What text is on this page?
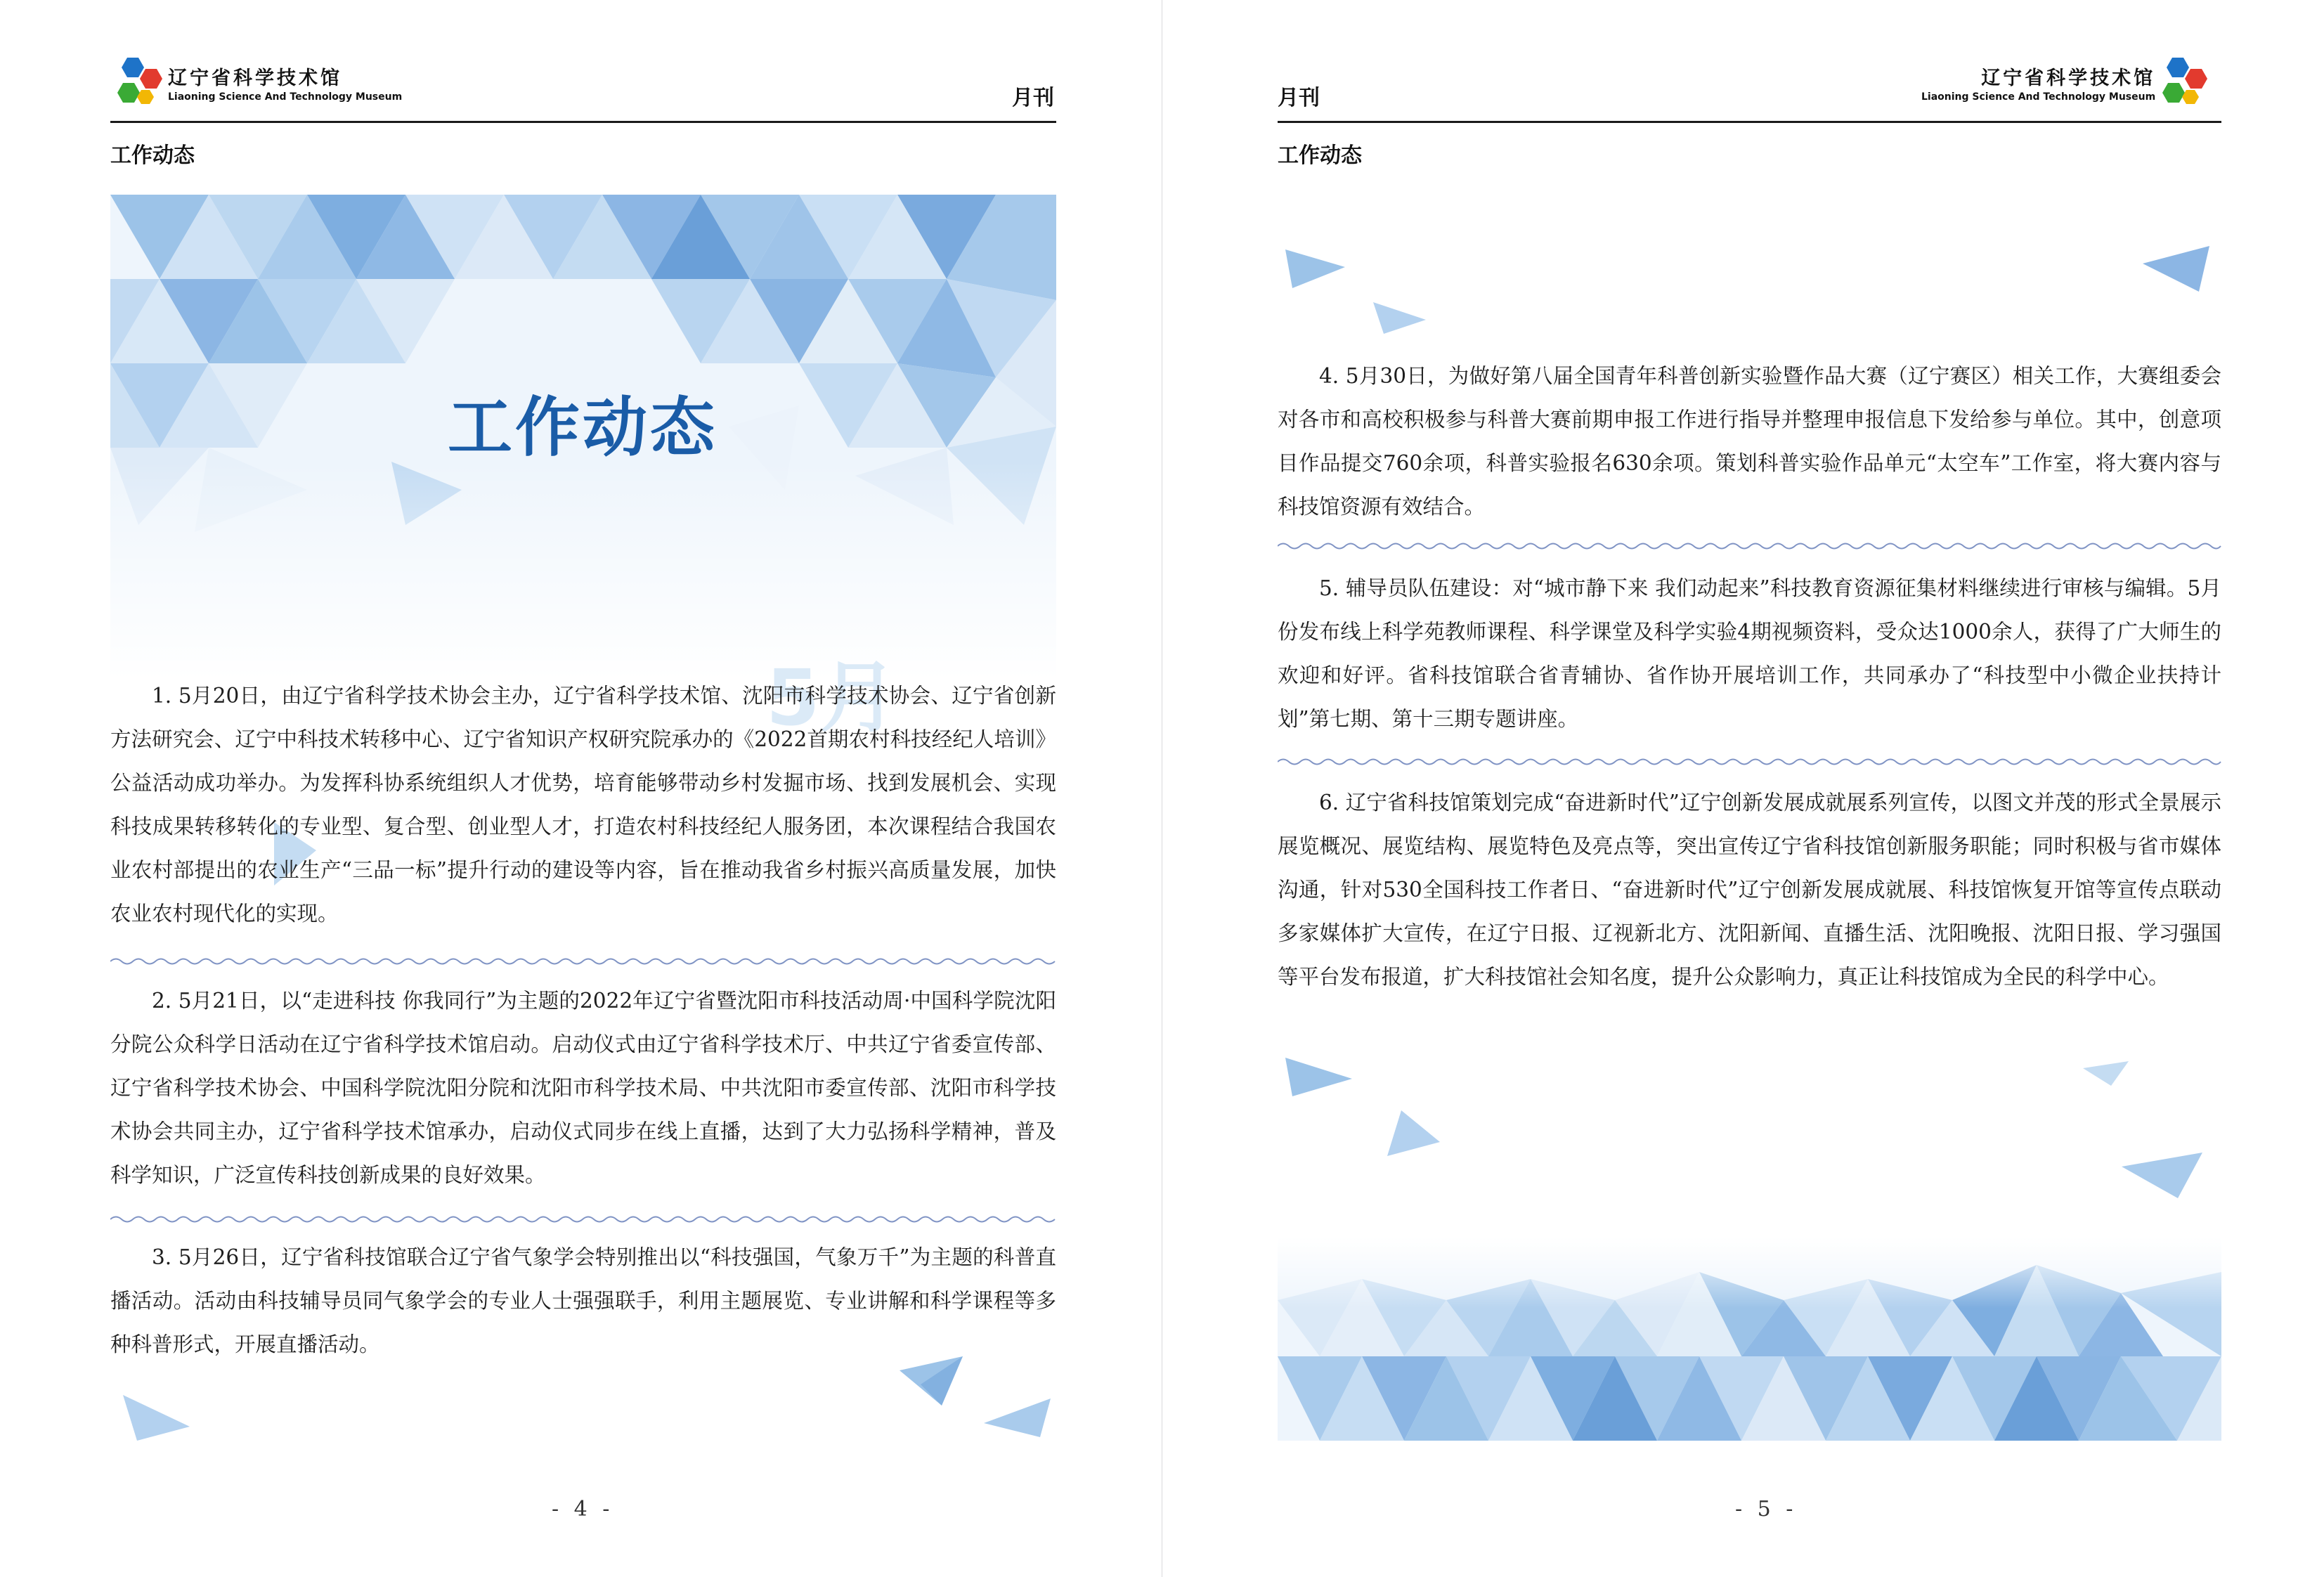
辽宁省科学技术馆
Liaoning Science And Technology Museum	月刊
工作动态
工作动态
5月

1. 5月20日，由辽宁省科学技术协会主办，辽宁省科学技术馆、沈阳市科学技术协会、辽宁省创新方法研究会、辽宁中科技术转移中心、辽宁省知识产权研究院承办的《2022首期农村科技经纪人培训》公益活动成功举办。为发挥科协系统组织人才优势，培育能够带动乡村发掘市场、找到发展机会、实现科技成果转移转化的专业型、复合型、创业型人才，打造农村科技经纪人服务团，本次课程结合我国农业农村部提出的农业生产“三品一标”提升行动的建设等内容，旨在推动我省乡村振兴高质量发展，加快农业农村现代化的实现。

2. 5月21日，以“走进科技 你我同行”为主题的2022年辽宁省暨沈阳市科技活动周·中国科学院沈阳分院公众科学日活动在辽宁省科学技术馆启动。启动仪式由辽宁省科学技术厅、中共辽宁省委宣传部、辽宁省科学技术协会、中国科学院沈阳分院和沈阳市科学技术局、中共沈阳市委宣传部、沈阳市科学技术协会共同主办，辽宁省科学技术馆承办，启动仪式同步在线上直播，达到了大力弘扬科学精神，普及科学知识，广泛宣传科技创新成果的良好效果。

3. 5月26日，辽宁省科技馆联合辽宁省气象学会特别推出以“科技强国，气象万千”为主题的科普直播活动。活动由科技辅导员同气象学会的专业人士强强联手，利用主题展览、专业讲解和科学课程等多种科普形式，开展直播活动。

- 4 -
月刊
辽宁省科学技术馆
Liaoning Science And Technology Museum
工作动态

4. 5月30日，为做好第八届全国青年科普创新实验暨作品大赛（辽宁赛区）相关工作，大赛组委会对各市和高校积极参与科普大赛前期申报工作进行指导并整理申报信息下发给参与单位。其中，创意项目作品提交760余项，科普实验报名630余项。策划科普实验作品单元“太空车”工作室，将大赛内容与科技馆资源有效结合。

5. 辅导员队伍建设：对“城市静下来 我们动起来”科技教育资源征集材料继续进行审核与编辑。5月份发布线上科学苑教师课程、科学课堂及科学实验4期视频资料，受众达1000余人，获得了广大师生的欢迎和好评。省科技馆联合省青辅协、省作协开展培训工作，共同承办了“科技型中小微企业扶持计划”第七期、第十三期专题讲座。

6. 辽宁省科技馆策划完成“奋进新时代”辽宁创新发展成就展系列宣传，以图文并茂的形式全景展示展览概况、展览结构、展览特色及亮点等，突出宣传辽宁省科技馆创新服务职能；同时积极与省市媒体沟通，针对530全国科技工作者日、“奋进新时代”辽宁创新发展成就展、科技馆恢复开馆等宣传点联动多家媒体扩大宣传，在辽宁日报、辽视新北方、沈阳新闻、直播生活、沈阳晚报、沈阳日报、学习强国等平台发布报道，扩大科技馆社会知名度，提升公众影响力，真正让科技馆成为全民的科学中心。

- 5 -
